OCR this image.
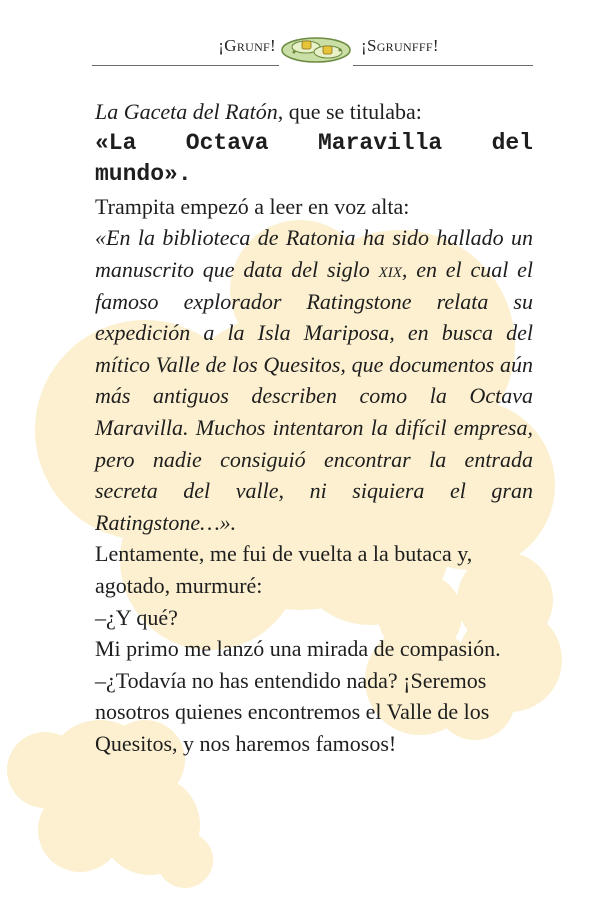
¡Grunf!	¡Sgrunfff!

La Gaceta del Ratón, que se titulaba:

«La Octava Maravilla del mundo».

Trampita empezó a leer en voz alta:

«En la biblioteca de Ratonia ha sido hallado un manuscrito que data del siglo xix, en el cual el famoso explorador Ratingstone relata su expedición a la Isla Mariposa, en busca del mítico Valle de los Quesitos, que documentos aún más antiguos describen como la Octava Maravilla. Muchos intentaron la difícil empresa, pero nadie consiguió encontrar la entrada secreta del valle, ni siquiera el gran Ratingstone…».

Lentamente, me fui de vuelta a la butaca y,

agotado, murmuré:

–¿Y qué?

Mi primo me lanzó una mirada de compasión.

–¿Todavía no has entendido nada? ¡Seremos

nosotros quienes encontremos el Valle de los

Quesitos, y nos haremos famosos!
